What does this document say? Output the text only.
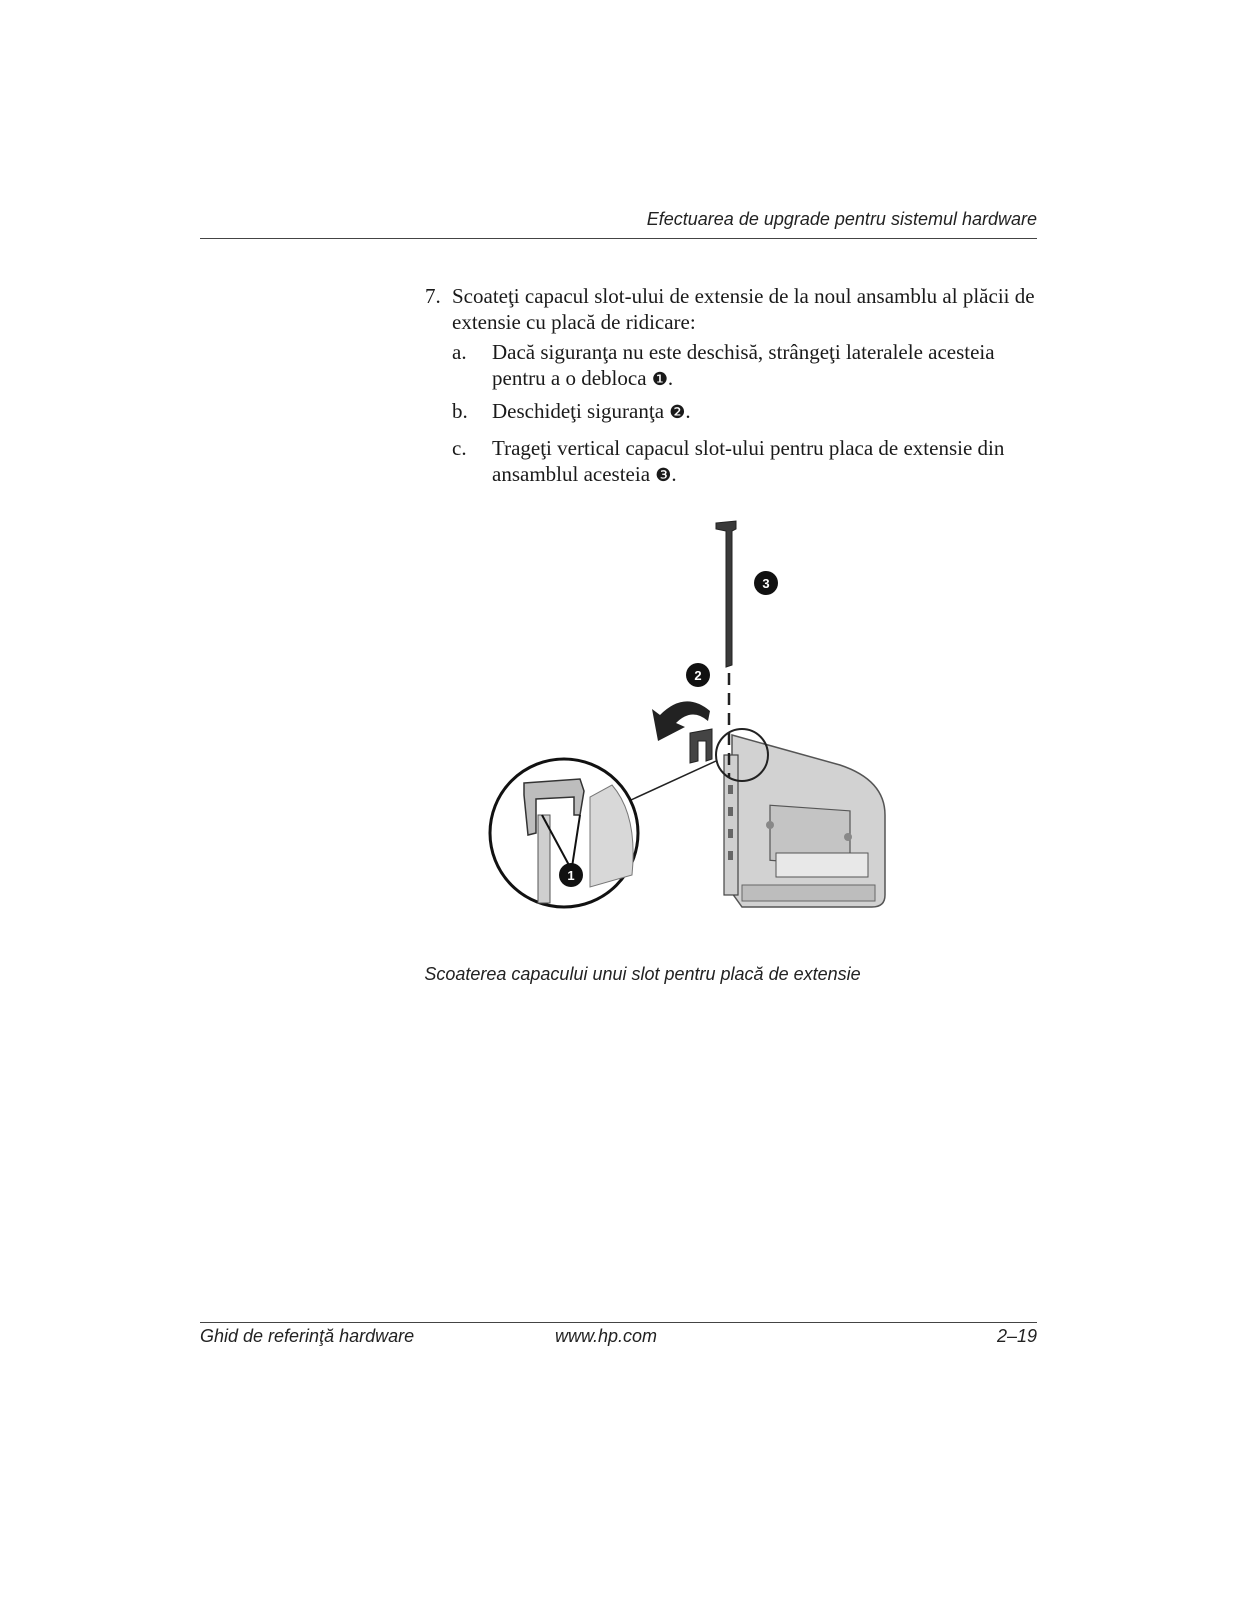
Efectuarea de upgrade pentru sistemul hardware
7. Scoateţi capacul slot-ului de extensie de la noul ansamblu al plăcii de extensie cu placă de ridicare:
a. Dacă siguranţa nu este deschisă, strângeţi lateralele acesteia pentru a o debloca ❶.
b. Deschideţi siguranţa ❷.
c. Trageţi vertical capacul slot-ului pentru placa de extensie din ansamblul acesteia ❸.
1
2
3
Scoaterea capacului unui slot pentru placă de extensie
Ghid de referinţă hardware	www.hp.com	2–19
